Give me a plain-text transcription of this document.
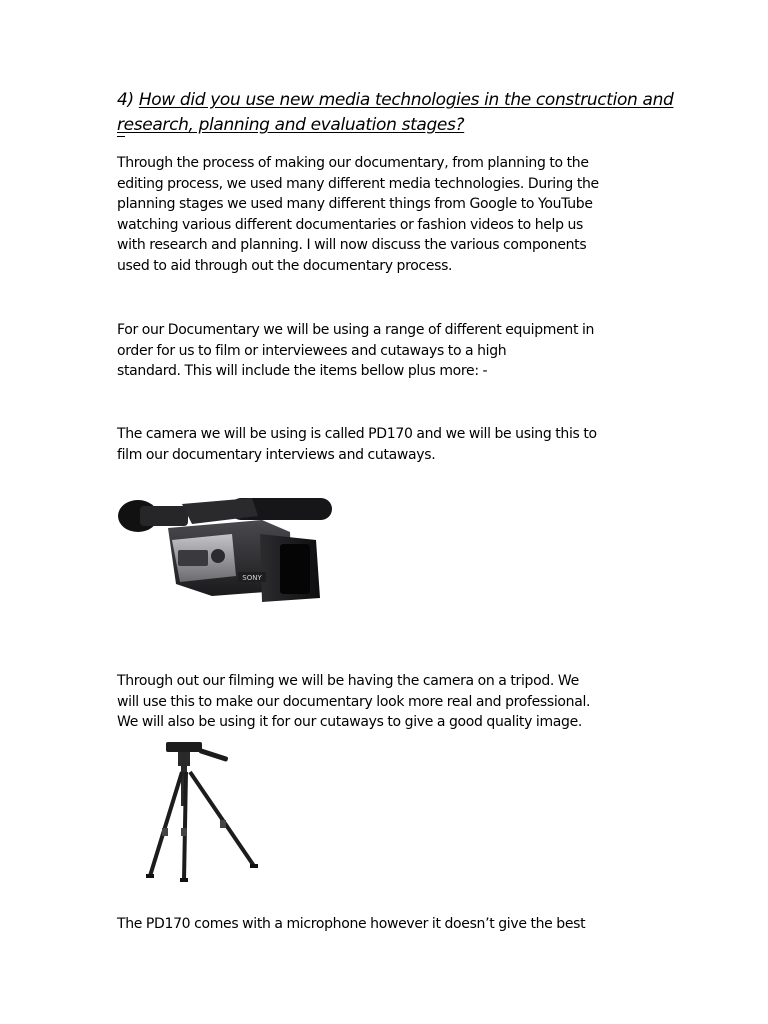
4) How did you use new media technologies in the construction and research, planning and evaluation stages?

Through the process of making our documentary, from planning to the
editing process, we used many different media technologies. During the
planning stages we used many different things from Google to YouTube
watching various different documentaries or fashion videos to help us
with research and planning. I will now discuss the various components
used to aid through out the documentary process.

For our Documentary we will be using a range of different equipment in
order for us to film or interviewees and cutaways to a high
standard. This will include the items bellow plus more: -

The camera we will be using is called PD170 and we will be using this to
film our documentary interviews and cutaways.

SONY

Through out our filming we will be having the camera on a tripod. We
will use this to make our documentary look more real and professional.
We will also be using it for our cutaways to give a good quality image.

The PD170 comes with a microphone however it doesn’t give the best
